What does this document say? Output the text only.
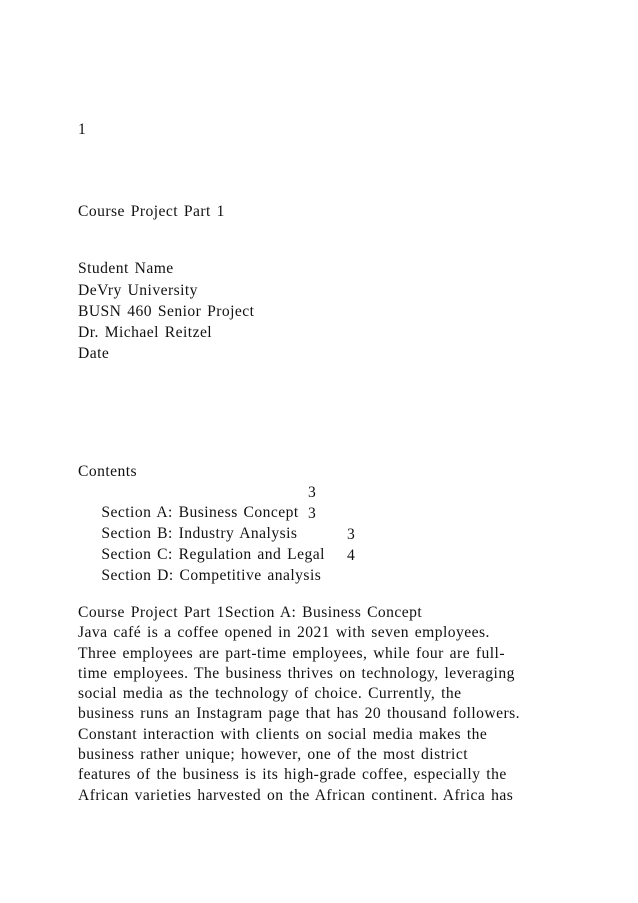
1
Course Project Part 1
Student Name
DeVry University
BUSN 460 Senior Project
Dr. Michael Reitzel
Date
Contents

Section A: Business Concept

3

Section B: Industry Analysis

3

Section C: Regulation and Legal

3

Section D: Competitive analysis

4

Course Project Part 1Section A: Business Concept
Java café is a coffee opened in 2021 with seven employees.
Three employees are part-time employees, while four are full-
time employees. The business thrives on technology, leveraging
social media as the technology of choice. Currently, the
business runs an Instagram page that has 20 thousand followers.
Constant interaction with clients on social media makes the
business rather unique; however, one of the most district
features of the business is its high-grade coffee, especially the
African varieties harvested on the African continent. Africa has
